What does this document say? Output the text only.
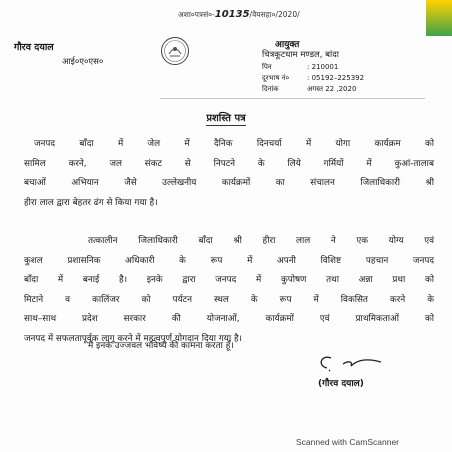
अशा०पत्रसं०-10135/वैयसहा०/2020/
गौरव दयाल
आई०ए०एस०
आयुक्त
चित्रकूटधाम मण्डल, बांदा
पिन	: 210001
दूरभाष नं०	: 05192–225392
दिनांक	अगस्त 22 ,2020
प्रशस्ति पत्र
जनपद बाँदा में जेल में दैनिक दिनचर्या में योगा कार्यक्रम को
सामिल करने, जल संकट से निपटने के लिये गर्मियों में कुआं-तालाब
बचाओं अभियान जैसे उल्लेखनीय कार्यक्रमों का संचालन जिलाधिकारी श्री
हीरा लाल द्वारा बेहतर ढंग से किया गया है।
तत्कालीन जिलाधिकारी बाँदा श्री हीरा लाल ने एक योग्य एवं
कुशल प्रशासनिक अधिकारी के रूप में अपनी विशिष्ट पहचान जनपद
बाँदा में बनाई है। इनके द्वारा जनपद में कुपोषण तथा अन्ना प्रथा को
मिटाने व कालिंजर को पर्यटन स्थल के रूप में विकसित करने के
साथ–साथ प्रदेश सरकार की योजनाओं, कार्यक्रमों एवं प्राथमिकताओं को
जनपद में सफलतापूर्वक लागू करने में महत्वपूर्ण योगदान दिया गया है।
मैं इनके उज्जवल भविष्य की कामना करता हूँ।
(गौरव दयाल)
Scanned with CamScanner
